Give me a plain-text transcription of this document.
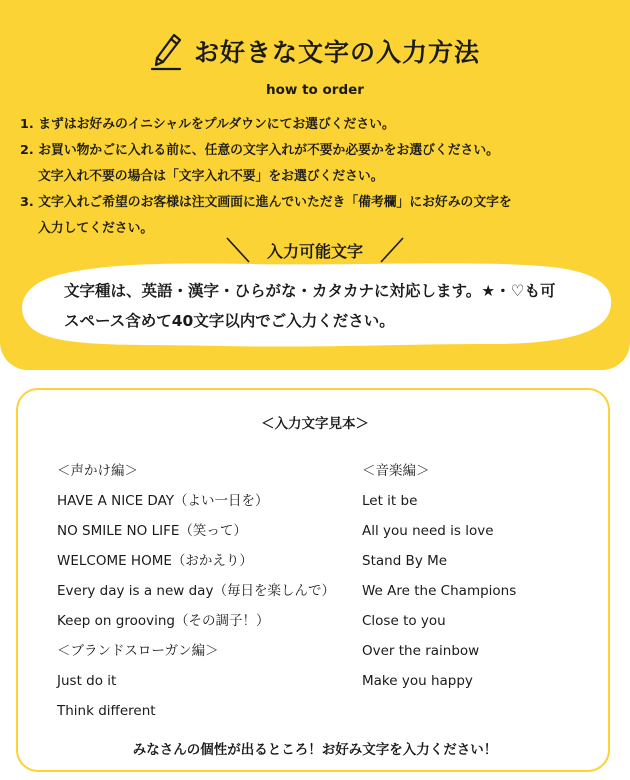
お好きな文字の入力方法
how to order
1. まずはお好みのイニシャルをプルダウンにてお選びください。
2. お買い物かごに入れる前に、任意の文字入れが不要か必要かをお選びください。
文字入れ不要の場合は「文字入れ不要」をお選びください。
3. 文字入れご希望のお客様は注文画面に進んでいただき「備考欄」にお好みの文字を
入力してください。
入力可能文字
文字種は、英語・漢字・ひらがな・カタカナに対応します。★・♡も可
スペース含めて40文字以内でご入力ください。
＜入力文字見本＞
＜声かけ編＞
HAVE A NICE DAY（よい一日を）
NO SMILE NO LIFE（笑って）
WELCOME HOME（おかえり）
Every day is a new day（毎日を楽しんで）
Keep on grooving（その調子！）
＜ブランドスローガン編＞
Just do it
Think different
＜音楽編＞
Let it be
All you need is love
Stand By Me
We Are the Champions
Close to you
Over the rainbow
Make you happy
みなさんの個性が出るところ！お好み文字を入力ください！
